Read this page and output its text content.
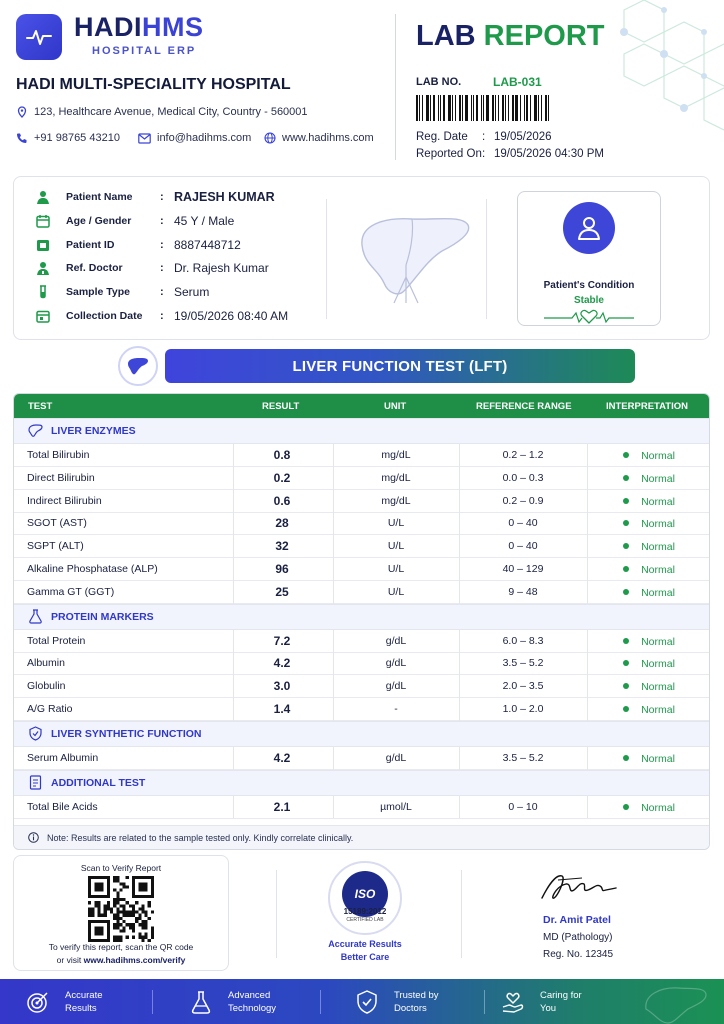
HADIHMS
HOSPITAL ERP
HADI MULTI-SPECIALITY HOSPITAL
123, Healthcare Avenue, Medical City, Country - 560001
+91 98765 43210	info@hadihms.com	www.hadihms.com
LAB REPORT
LAB NO.	LAB-031
Reg. Date : 19/05/2026
Reported On: 19/05/2026 04:30 PM
Patient Name	: RAJESH KUMAR
Age / Gender	: 45 Y / Male
Patient ID	: 8887448712
Ref. Doctor	: Dr. Rajesh Kumar
Sample Type	: Serum
Collection Date	: 19/05/2026 08:40 AM
Patient's Condition
Stable
LIVER FUNCTION TEST (LFT)
TEST	RESULT	UNIT	REFERENCE RANGE	INTERPRETATION
LIVER ENZYMES
Total Bilirubin	0.8	mg/dL	0.2 – 1.2	Normal
Direct Bilirubin	0.2	mg/dL	0.0 – 0.3	Normal
Indirect Bilirubin	0.6	mg/dL	0.2 – 0.9	Normal
SGOT (AST)	28	U/L	0 – 40	Normal
SGPT (ALT)	32	U/L	0 – 40	Normal
Alkaline Phosphatase (ALP)	96	U/L	40 – 129	Normal
Gamma GT (GGT)	25	U/L	9 – 48	Normal
PROTEIN MARKERS
Total Protein	7.2	g/dL	6.0 – 8.3	Normal
Albumin	4.2	g/dL	3.5 – 5.2	Normal
Globulin	3.0	g/dL	2.0 – 3.5	Normal
A/G Ratio	1.4	-	1.0 – 2.0	Normal
LIVER SYNTHETIC FUNCTION
Serum Albumin	4.2	g/dL	3.5 – 5.2	Normal
ADDITIONAL TEST
Total Bile Acids	2.1	µmol/L	0 – 10	Normal
Note: Results are related to the sample tested only. Kindly correlate clinically.
Scan to Verify Report
To verify this report, scan the QR code
or visit www.hadihms.com/verify
ISO
15189:2012
CERTIFIED LAB
Accurate Results
Better Care
Dr. Amit Patel
MD (Pathology)
Reg. No. 12345
Accurate
Results
Advanced
Technology
Trusted by
Doctors
Caring for
You
